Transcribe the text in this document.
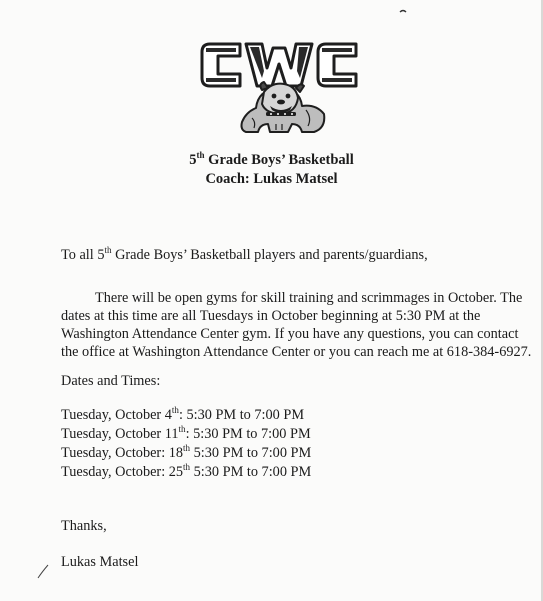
5th Grade Boys’ Basketball
Coach: Lukas Matsel
To all 5th Grade Boys’ Basketball players and parents/guardians,
There will be open gyms for skill training and scrimmages in October. The
dates at this time are all Tuesdays in October beginning at 5:30 PM at the
Washington Attendance Center gym. If you have any questions, you can contact
the office at Washington Attendance Center or you can reach me at 618-384-6927.
Dates and Times:
Tuesday, October 4th: 5:30 PM to 7:00 PM
Tuesday, October 11th: 5:30 PM to 7:00 PM
Tuesday, October: 18th 5:30 PM to 7:00 PM
Tuesday, October: 25th 5:30 PM to 7:00 PM
Thanks,
Lukas Matsel
